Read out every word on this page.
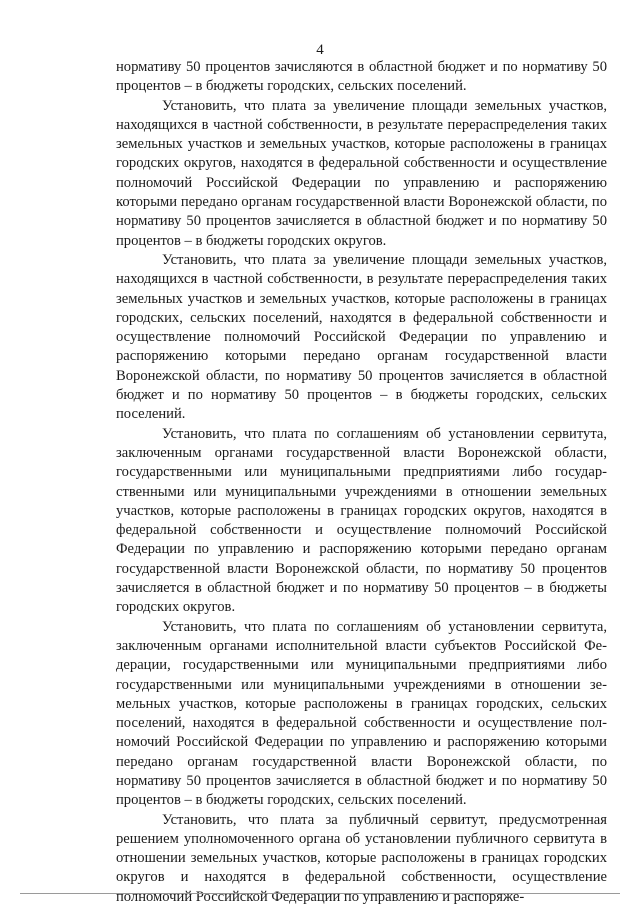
4

нормативу 50 процентов зачисляются в областной бюджет и по нормативу 50 процентов – в бюджеты городских, сельских поселений.

Установить, что плата за увеличение площади земельных участков, находящихся в частной собственности, в результате перераспределения таких земельных участков и земельных участков, которые расположены в границах городских округов, находятся в федеральной собственности и осуществление полномочий Российской Федерации по управлению и распоряжению которыми передано органам государственной власти Воронежской области, по нормативу 50 процентов зачисляется в областной бюджет и по нормативу 50 процентов – в бюджеты городских округов.

Установить, что плата за увеличение площади земельных участков, находящихся в частной собственности, в результате перераспределения таких земельных участков и земельных участков, которые расположены в границах городских, сельских поселений, находятся в федеральной собственности и осуществление полномочий Российской Федерации по управлению и распоряжению которыми передано органам государственной власти Воронежской области, по нормативу 50 процентов зачисляется в областной бюджет и по нормативу 50 процентов – в бюджеты городских, сельских поселений.

Установить, что плата по соглашениям об установлении сервитута, заключенным органами государственной власти Воронежской области, государственными или муниципальными предприятиями либо государственными или муниципальными учреждениями в отношении земельных участков, которые расположены в границах городских округов, находятся в федеральной собственности и осуществление полномочий Российской Федерации по управлению и распоряжению которыми передано органам государственной власти Воронежской области, по нормативу 50 процентов зачисляется в областной бюджет и по нормативу 50 процентов – в бюджеты городских округов.

Установить, что плата по соглашениям об установлении сервитута, заключенным органами исполнительной власти субъектов Российской Федерации, государственными или муниципальными предприятиями либо государственными или муниципальными учреждениями в отношении земельных участков, которые расположены в границах городских, сельских поселений, находятся в федеральной собственности и осуществление полномочий Российской Федерации по управлению и распоряжению которыми передано органам государственной власти Воронежской области, по нормативу 50 процентов зачисляется в областной бюджет и по нормативу 50 процентов – в бюджеты городских, сельских поселений.

Установить, что плата за публичный сервитут, предусмотренная решением уполномоченного органа об установлении публичного сервитута в отношении земельных участков, которые расположены в границах городских округов и находятся в федеральной собственности, осуществление полномочий Российской Федерации по управлению и распоряже-
